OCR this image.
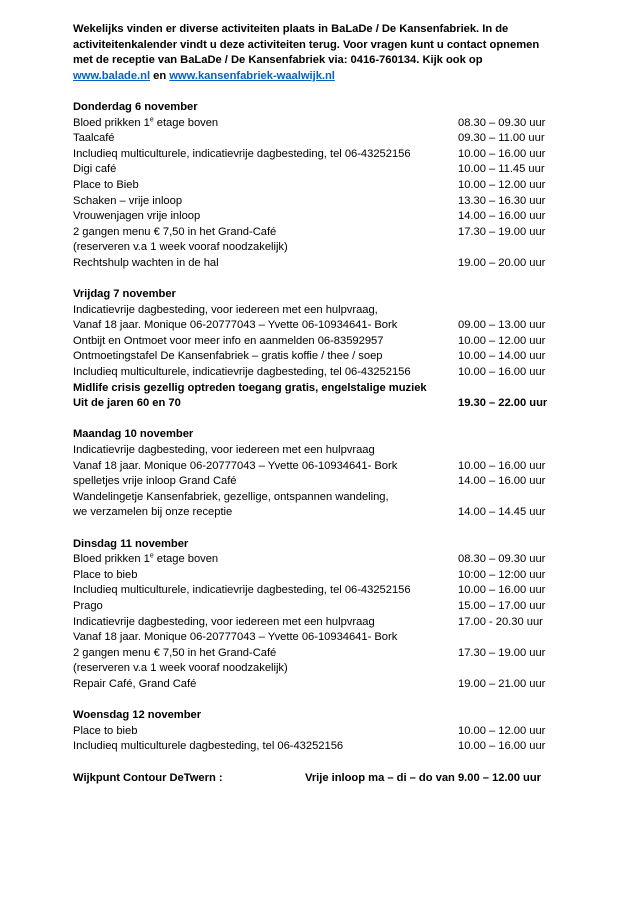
Wekelijks vinden er diverse activiteiten plaats in BaLaDe / De Kansenfabriek. In de
activiteitenkalender vindt u deze activiteiten terug. Voor vragen kunt u contact opnemen
met de receptie van BaLaDe / De Kansenfabriek via: 0416-760134. Kijk ook op
www.balade.nl en www.kansenfabriek-waalwijk.nl

Donderdag 6 november
Bloed prikken 1e etage boven	08.30 – 09.30 uur
Taalcafé	09.30 – 11.00 uur
Includieq multiculturele, indicatievrije dagbesteding, tel 06-43252156	10.00 – 16.00 uur
Digi café	10.00 – 11.45 uur
Place to Bieb	10.00 – 12.00 uur
Schaken – vrije inloop	13.30 – 16.30 uur
Vrouwenjagen vrije inloop	14.00 – 16.00 uur
2 gangen menu € 7,50 in het Grand-Café	17.30 – 19.00 uur
(reserveren v.a 1 week vooraf noodzakelijk)
Rechtshulp wachten in de hal	19.00 – 20.00 uur
Vrijdag 7 november
Indicatievrije dagbesteding, voor iedereen met een hulpvraag,
Vanaf 18 jaar. Monique 06-20777043 – Yvette 06-10934641- Bork	09.00 – 13.00 uur
Ontbijt en Ontmoet voor meer info en aanmelden 06-83592957	10.00 – 12.00 uur
Ontmoetingstafel De Kansenfabriek – gratis koffie / thee / soep	10.00 – 14.00 uur
Includieq multiculturele, indicatievrije dagbesteding, tel 06-43252156	10.00 – 16.00 uur
Midlife crisis gezellig optreden toegang gratis, engelstalige muziek
Uit de jaren 60 en 70	19.30 – 22.00 uur
Maandag 10 november
Indicatievrije dagbesteding, voor iedereen met een hulpvraag
Vanaf 18 jaar. Monique 06-20777043 – Yvette 06-10934641- Bork	10.00 – 16.00 uur
spelletjes vrije inloop Grand Café	14.00 – 16.00 uur
Wandelingetje Kansenfabriek, gezellige, ontspannen wandeling,
we verzamelen bij onze receptie	14.00 – 14.45 uur
Dinsdag 11 november
Bloed prikken 1e etage boven	08.30 – 09.30 uur
Place to bieb	10:00 – 12:00 uur
Includieq multiculturele, indicatievrije dagbesteding, tel 06-43252156	10.00 – 16.00 uur
Prago	15.00 – 17.00 uur
Indicatievrije dagbesteding, voor iedereen met een hulpvraag	17.00 - 20.30 uur
Vanaf 18 jaar. Monique 06-20777043 – Yvette 06-10934641- Bork
2 gangen menu € 7,50 in het Grand-Café	17.30 – 19.00 uur
(reserveren v.a 1 week vooraf noodzakelijk)
Repair Café, Grand Café	19.00 – 21.00 uur
Woensdag 12 november
Place to bieb	10.00 – 12.00 uur
Includieq multiculturele dagbesteding, tel 06-43252156	10.00 – 16.00 uur
Wijkpunt Contour DeTwern :	Vrije inloop ma – di – do van 9.00 – 12.00 uur
